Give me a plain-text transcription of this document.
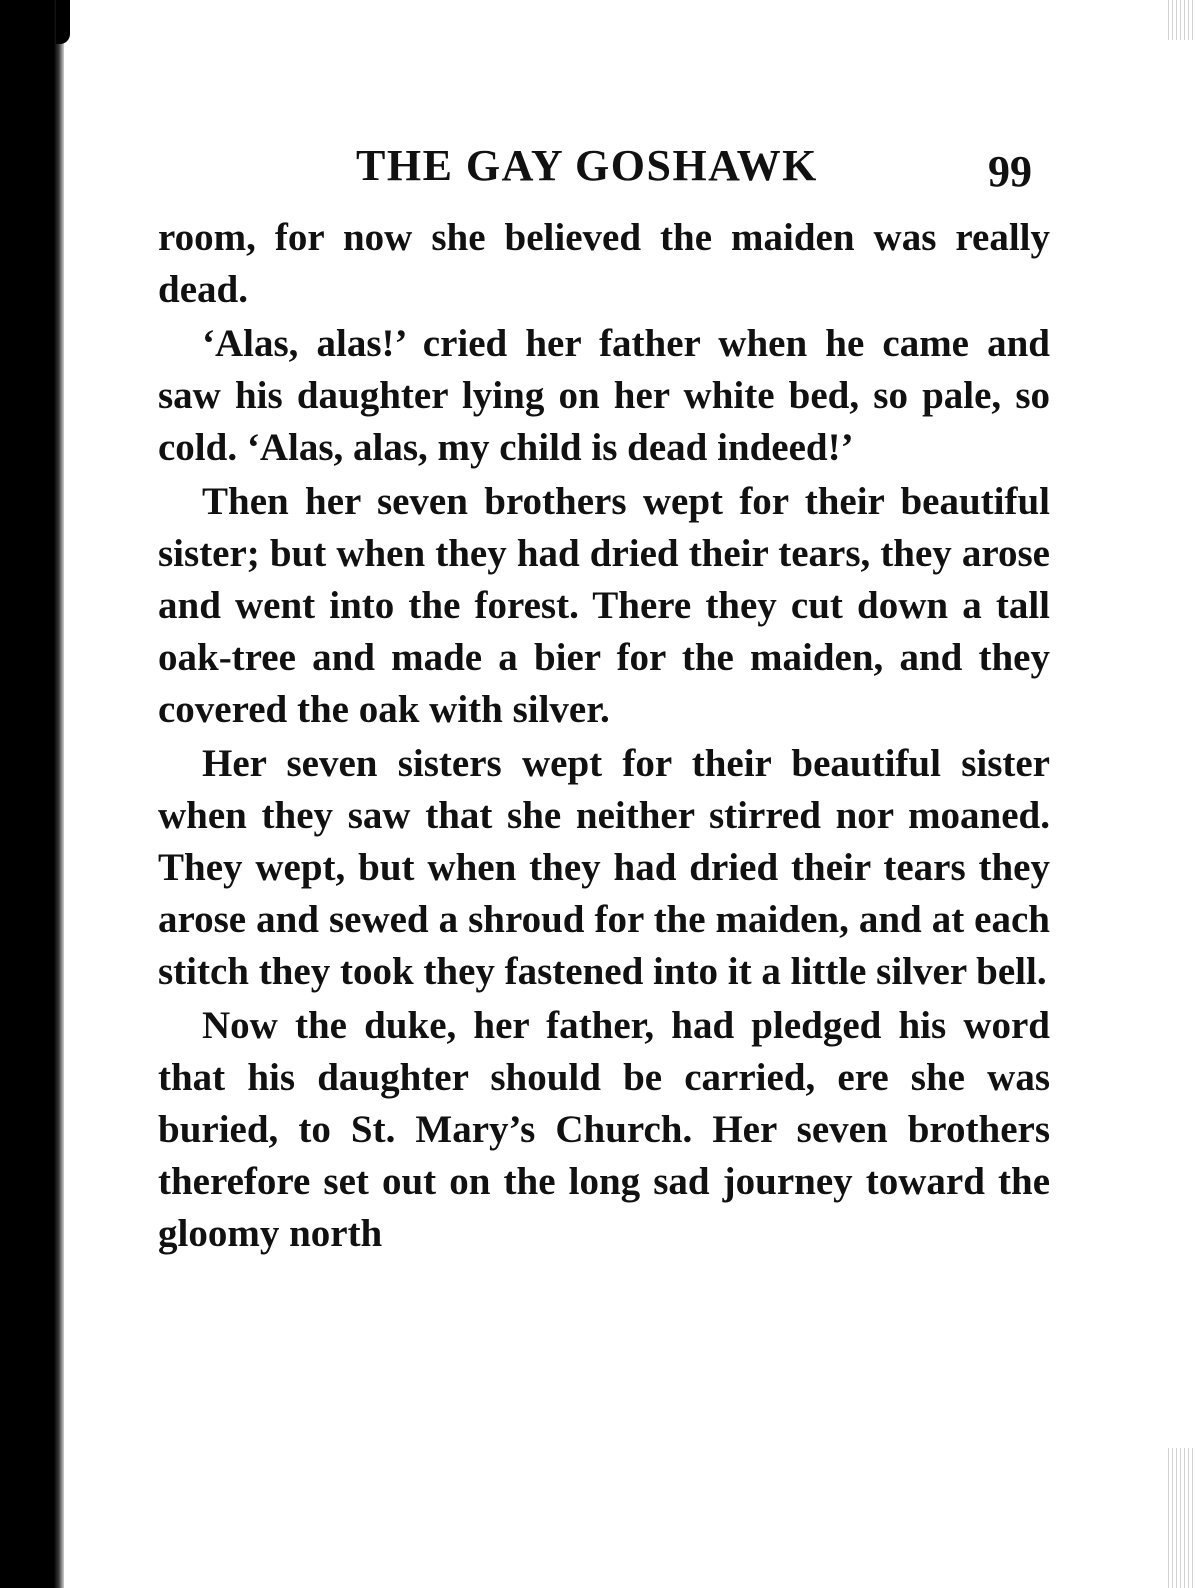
THE GAY GOSHAWK	99

room, for now she believed the maiden was really dead.

‘Alas, alas!’ cried her father when he came and saw his daughter lying on her white bed, so pale, so cold. ‘Alas, alas, my child is dead indeed!’

Then her seven brothers wept for their beautiful sister; but when they had dried their tears, they arose and went into the forest. There they cut down a tall oak-tree and made a bier for the maiden, and they covered the oak with silver.

Her seven sisters wept for their beautiful sister when they saw that she neither stirred nor moaned. They wept, but when they had dried their tears they arose and sewed a shroud for the maiden, and at each stitch they took they fastened into it a little silver bell.

Now the duke, her father, had pledged his word that his daughter should be carried, ere she was buried, to St. Mary’s Church. Her seven brothers therefore set out on the long sad journey toward the gloomy north
